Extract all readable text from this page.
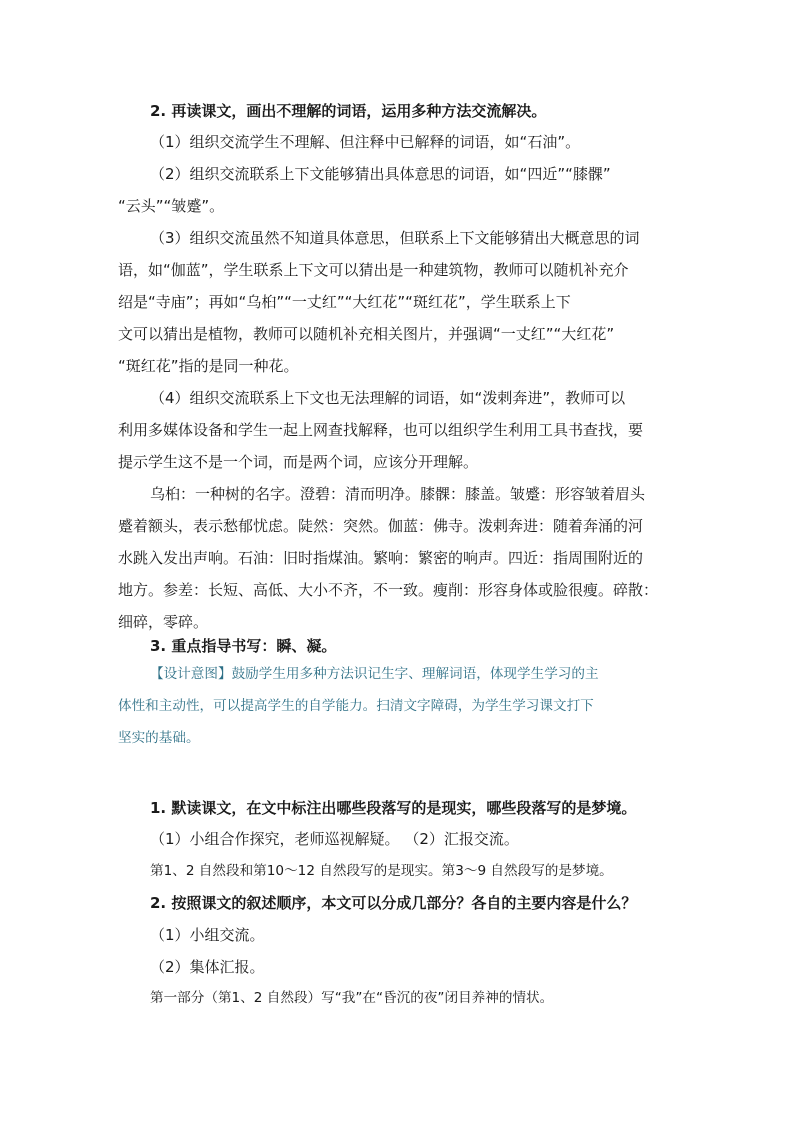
2. 再读课文，画出不理解的词语，运用多种方法交流解决。
（1）组织交流学生不理解、但注释中已解释的词语，如“石油”。
（2）组织交流联系上下文能够猜出具体意思的词语，如“四近”“膝髁”
“云头”“皱蹙”。
（3）组织交流虽然不知道具体意思，但联系上下文能够猜出大概意思的词
语，如“伽蓝”，学生联系上下文可以猜出是一种建筑物，教师可以随机补充介
绍是“寺庙”；再如“乌桕”“一丈红”“大红花”“斑红花”，学生联系上下
文可以猜出是植物，教师可以随机补充相关图片，并强调“一丈红”“大红花”
“斑红花”指的是同一种花。
（4）组织交流联系上下文也无法理解的词语，如“泼剌奔进”，教师可以
利用多媒体设备和学生一起上网查找解释，也可以组织学生利用工具书查找，要
提示学生这不是一个词，而是两个词，应该分开理解。
乌桕：一种树的名字。澄碧：清而明净。膝髁：膝盖。皱蹙：形容皱着眉头
蹙着额头，表示愁郁忧虑。陡然：突然。伽蓝：佛寺。泼剌奔进：随着奔涌的河
水跳入发出声响。石油：旧时指煤油。繁响：繁密的响声。四近：指周围附近的
地方。参差：长短、高低、大小不齐，不一致。瘦削：形容身体或脸很瘦。碎散：
细碎，零碎。
3. 重点指导书写：瞬、凝。
【设计意图】鼓励学生用多种方法识记生字、理解词语，体现学生学习的主
体性和主动性，可以提高学生的自学能力。扫清文字障碍，为学生学习课文打下
坚实的基础。
1. 默读课文，在文中标注出哪些段落写的是现实，哪些段落写的是梦境。
（1）小组合作探究，老师巡视解疑。 （2）汇报交流。
第1、2 自然段和第10～12 自然段写的是现实。第3～9 自然段写的是梦境。
2. 按照课文的叙述顺序，本文可以分成几部分？各自的主要内容是什么？
（1）小组交流。
（2）集体汇报。
第一部分（第1、2 自然段）写“我”在“昏沉的夜”闭目养神的情状。
